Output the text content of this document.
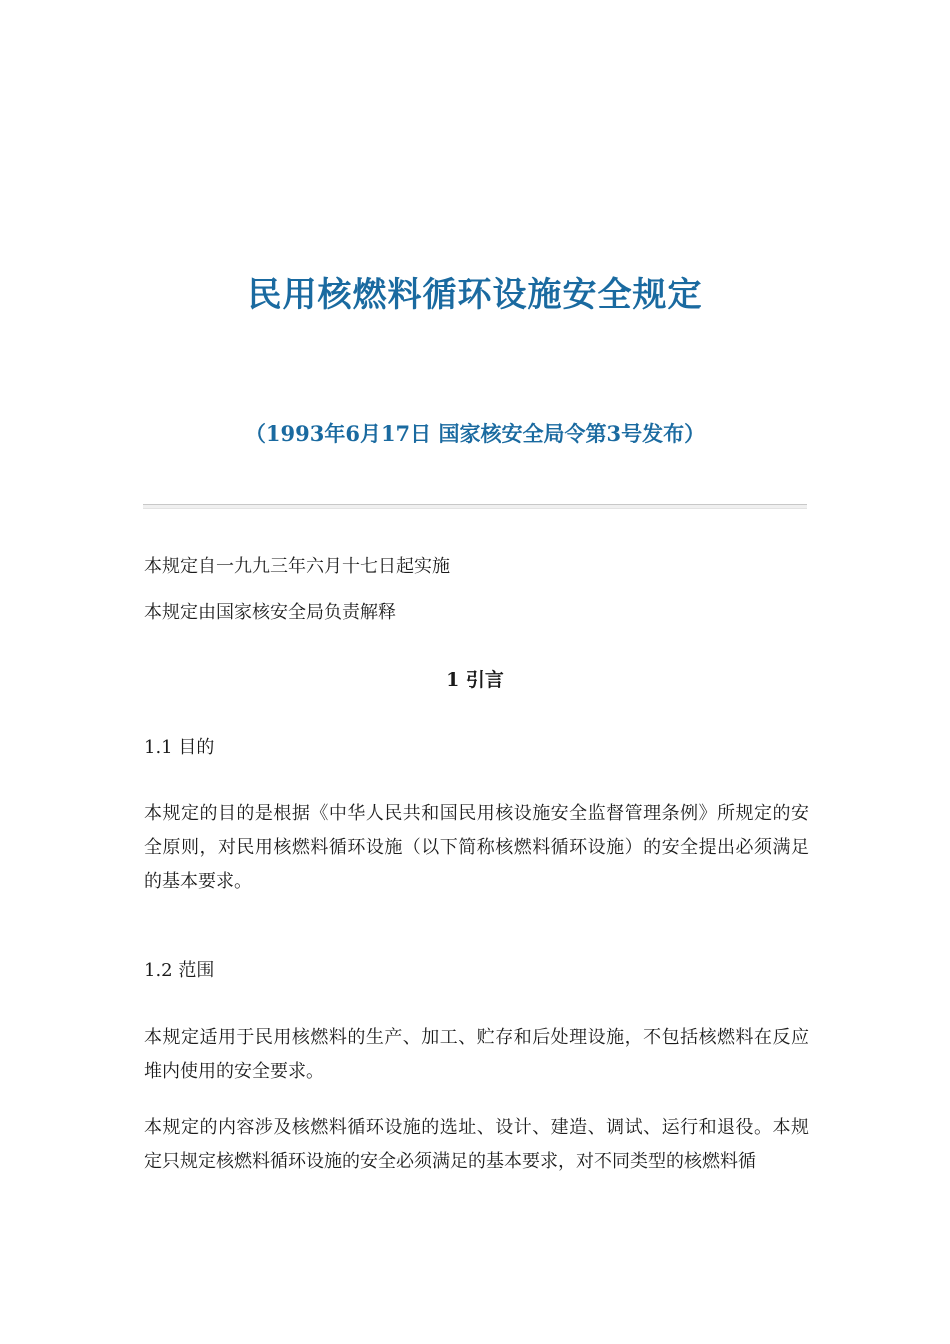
民用核燃料循环设施安全规定
（1993年6月17日 国家核安全局令第3号发布）
本规定自一九九三年六月十七日起实施
本规定由国家核安全局负责解释
1 引言
1.1 目的
本规定的目的是根据《中华人民共和国民用核设施安全监督管理条例》所规定的安全原则，对民用核燃料循环设施（以下简称核燃料循环设施）的安全提出必须满足的基本要求。
1.2 范围
本规定适用于民用核燃料的生产、加工、贮存和后处理设施，不包括核燃料在反应堆内使用的安全要求。
本规定的内容涉及核燃料循环设施的选址、设计、建造、调试、运行和退役。本规定只规定核燃料循环设施的安全必须满足的基本要求，对不同类型的核燃料循
